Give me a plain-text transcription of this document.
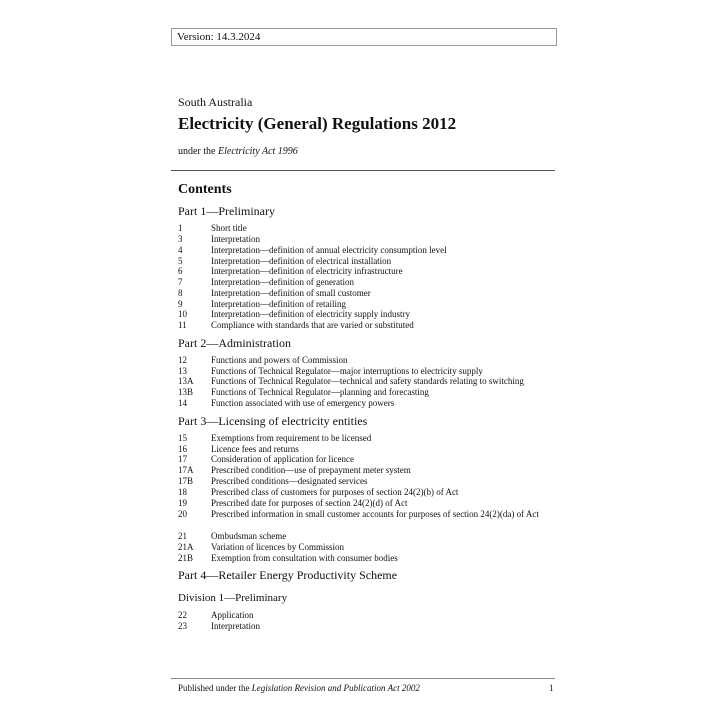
Version: 14.3.2024
South Australia
Electricity (General) Regulations 2012
under the Electricity Act 1996
Contents
Part 1—Preliminary
1	Short title
3	Interpretation
4	Interpretation—definition of annual electricity consumption level
5	Interpretation—definition of electrical installation
6	Interpretation—definition of electricity infrastructure
7	Interpretation—definition of generation
8	Interpretation—definition of small customer
9	Interpretation—definition of retailing
10	Interpretation—definition of electricity supply industry
11	Compliance with standards that are varied or substituted
Part 2—Administration
12	Functions and powers of Commission
13	Functions of Technical Regulator—major interruptions to electricity supply
13A Functions of Technical Regulator—technical and safety standards relating to switching
13B Functions of Technical Regulator—planning and forecasting
14	Function associated with use of emergency powers
Part 3—Licensing of electricity entities
15	Exemptions from requirement to be licensed
16	Licence fees and returns
17	Consideration of application for licence
17A Prescribed condition—use of prepayment meter system
17B Prescribed conditions—designated services
18	Prescribed class of customers for purposes of section 24(2)(b) of Act
19	Prescribed date for purposes of section 24(2)(d) of Act
20	Prescribed information in small customer accounts for purposes of section 24(2)(da) of Act
21	Ombudsman scheme
21A Variation of licences by Commission
21B Exemption from consultation with consumer bodies
Part 4—Retailer Energy Productivity Scheme
Division 1—Preliminary
22	Application
23	Interpretation
Published under the Legislation Revision and Publication Act 2002	1
